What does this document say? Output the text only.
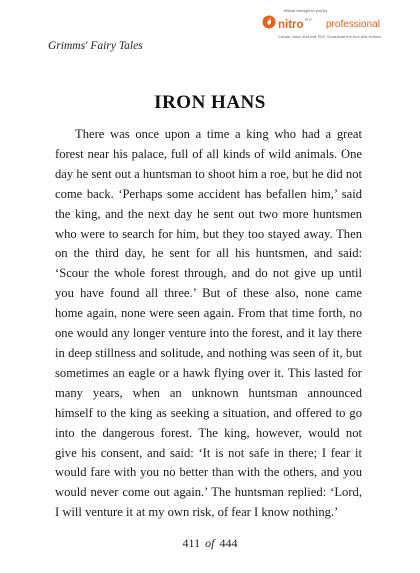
Grimms' Fairy Tales
eBook brought to you by
nitro$^{PDF}$ professional
Create, view, and edit PDF. Download the free trial version.
IRON HANS

There was once upon a time a king who had a great forest near his palace, full of all kinds of wild animals. One day he sent out a huntsman to shoot him a roe, but he did not come back. ‘Perhaps some accident has befallen him,’ said the king, and the next day he sent out two more huntsmen who were to search for him, but they too stayed away. Then on the third day, he sent for all his huntsmen, and said: ‘Scour the whole forest through, and do not give up until you have found all three.’ But of these also, none came home again, none were seen again. From that time forth, no one would any longer venture into the forest, and it lay there in deep stillness and solitude, and nothing was seen of it, but sometimes an eagle or a hawk flying over it. This lasted for many years, when an unknown huntsman announced himself to the king as seeking a situation, and offered to go into the dangerous forest. The king, however, would not give his consent, and said: ‘It is not safe in there; I fear it would fare with you no better than with the others, and you would never come out again.’ The huntsman replied: ‘Lord, I will venture it at my own risk, of fear I know nothing.’

411 of 444
